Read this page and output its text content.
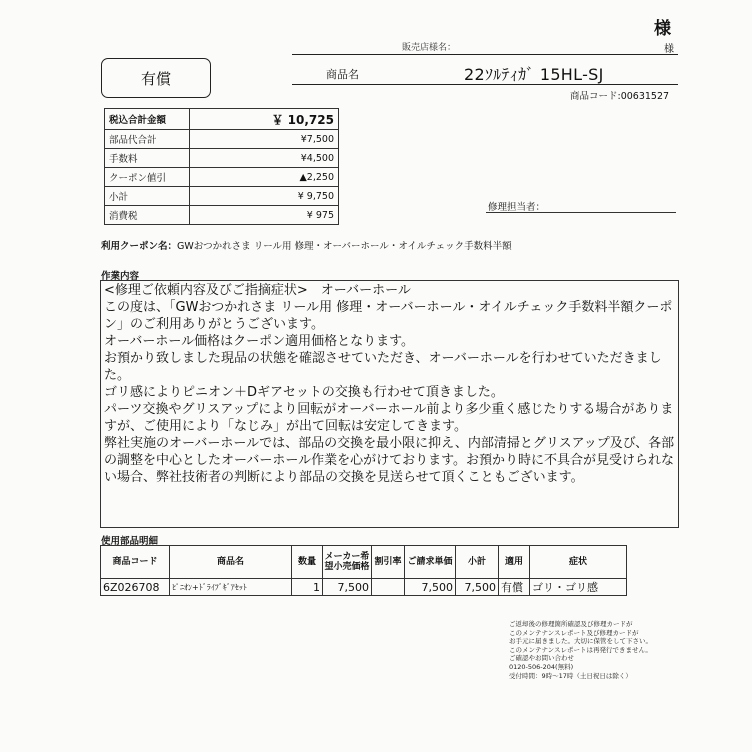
様
販売店様名：	様
有償	商品名	22ｿﾙﾃｨｶﾞ 15HL-SJ
商品コード:00631527
税込合計金額	￥ 10,725
部品代合計	¥7,500
手数料	¥4,500
クーポン値引	▲2,250
小計	¥ 9,750
消費税	¥ 975
修理担当者：
利用クーポン名：GWおつかれさま リール用 修理・オーバーホール・オイルチェック手数料半額
作業内容

<修理ご依頼内容及びご指摘症状>　オーバーホール

この度は、「GWおつかれさま リール用 修理・オーバーホール・オイルチェック手数料半額クーポン」のご利用ありがとうございます。

オーバーホール価格はクーポン適用価格となります。

お預かり致しました現品の状態を確認させていただき、オーバーホールを行わせていただきました。

ゴリ感によりピニオン＋Dギアセットの交換も行わせて頂きました。

パーツ交換やグリスアップにより回転がオーバーホール前より多少重く感じたりする場合がありますが、ご使用により「なじみ」が出て回転は安定してきます。

弊社実施のオーバーホールでは、部品の交換を最小限に抑え、内部清掃とグリスアップ及び、各部の調整を中心としたオーバーホール作業を心がけております。お預かり時に不具合が見受けられない場合、弊社技術者の判断により部品の交換を見送らせて頂くこともございます。

使用部品明細
商品コード	商品名	数量	メーカー希望小売価格	割引率	ご請求単価	小計	適用	症状
6Z026708	ﾋﾟﾆｵﾝ+ﾄﾞﾗｲﾌﾞｷﾞｱｾｯﾄ	1	7,500		7,500	7,500	有償	ゴリ・ゴリ感
ご返却後の修理箇所確認及び修理カードが
このメンテナンスレポート及び修理カードが
お手元に届きました。大切に保管をして下さい。
このメンテナンスレポートは再発行できません。
ご確認やお問い合わせ
0120-506-204(無料)
受付時間：9時〜17時（土日祝日は除く）
